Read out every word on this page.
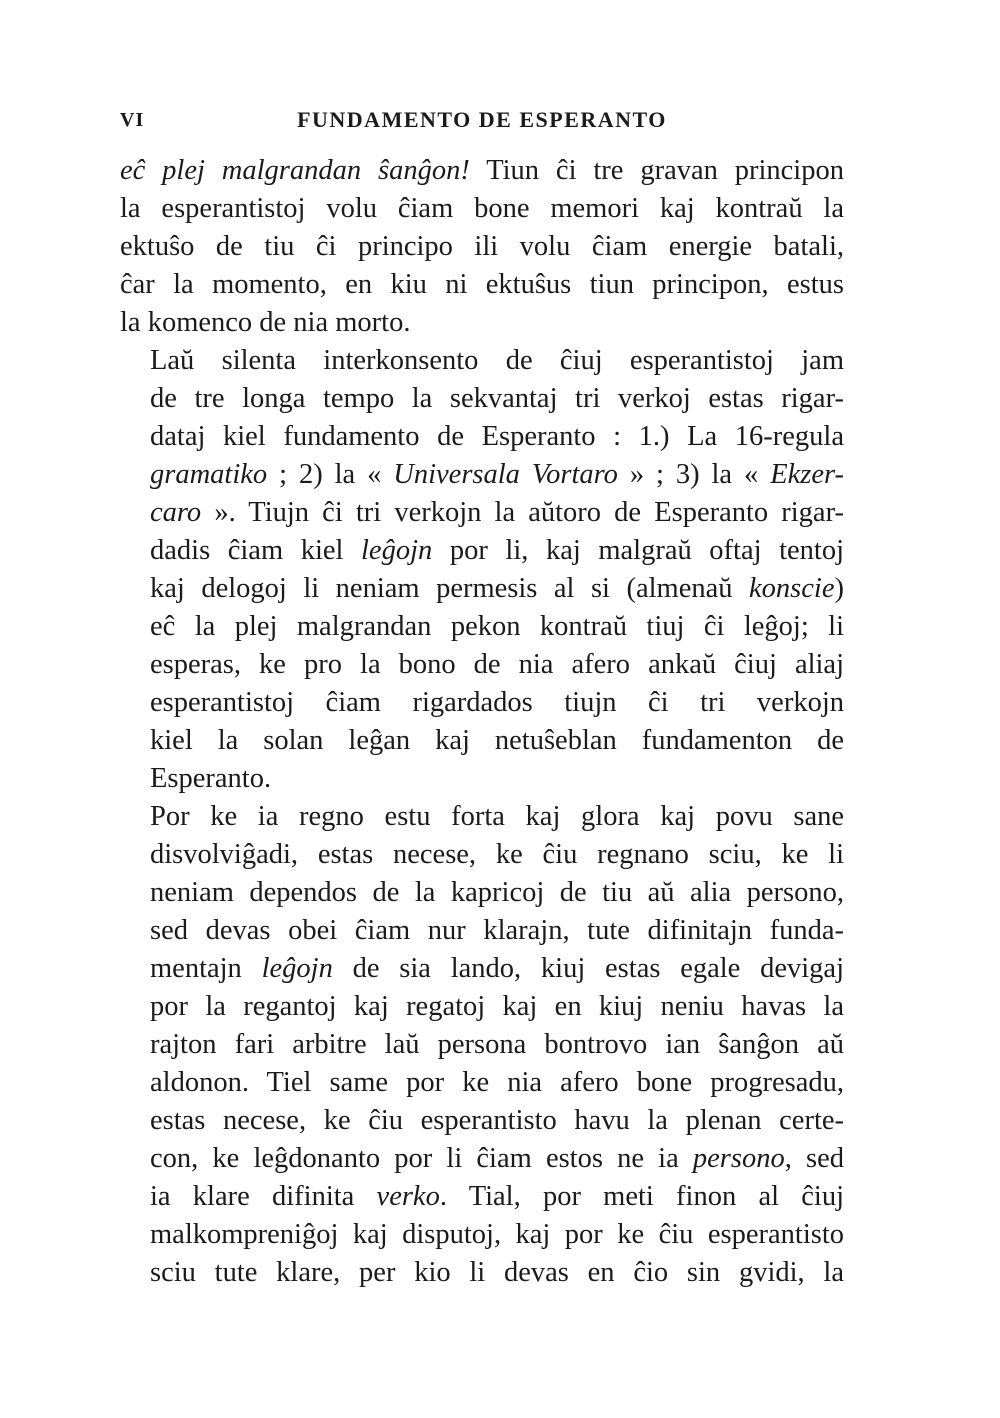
VI	FUNDAMENTO DE ESPERANTO
eĉ plej malgrandan ŝanĝon! Tiun ĉi tre gravan principon
la esperantistoj volu ĉiam bone memori kaj kontraŭ la
ektuŝo de tiu ĉi principo ili volu ĉiam energie batali,
ĉar la momento, en kiu ni ektuŝus tiun principon, estus
la komenco de nia morto.
Laŭ silenta interkonsento de ĉiuj esperantistoj jam
de tre longa tempo la sekvantaj tri verkoj estas rigar-
dataj kiel fundamento de Esperanto : 1.) La 16-regula
gramatiko ; 2) la « Universala Vortaro » ; 3) la « Ekzer-
caro ». Tiujn ĉi tri verkojn la aŭtoro de Esperanto rigar-
dadis ĉiam kiel leĝojn por li, kaj malgraŭ oftaj tentoj
kaj delogoj li neniam permesis al si (almenaŭ konscie)
eĉ la plej malgrandan pekon kontraŭ tiuj ĉi leĝoj; li
esperas, ke pro la bono de nia afero ankaŭ ĉiuj aliaj
esperantistoj ĉiam rigardados tiujn ĉi tri verkojn
kiel la solan leĝan kaj netuŝeblan fundamenton de
Esperanto.
Por ke ia regno estu forta kaj glora kaj povu sane
disvolviĝadi, estas necese, ke ĉiu regnano sciu, ke li
neniam dependos de la kapricoj de tiu aŭ alia persono,
sed devas obei ĉiam nur klarajn, tute difinitajn funda-
mentajn leĝojn de sia lando, kiuj estas egale devigaj
por la regantoj kaj regatoj kaj en kiuj neniu havas la
rajton fari arbitre laŭ persona bontrovo ian ŝanĝon aŭ
aldonon. Tiel same por ke nia afero bone progresadu,
estas necese, ke ĉiu esperantisto havu la plenan certe-
con, ke leĝdonanto por li ĉiam estos ne ia persono, sed
ia klare difinita verko. Tial, por meti finon al ĉiuj
malkompreniĝoj kaj disputoj, kaj por ke ĉiu esperantisto
sciu tute klare, per kio li devas en ĉio sin gvidi, la
